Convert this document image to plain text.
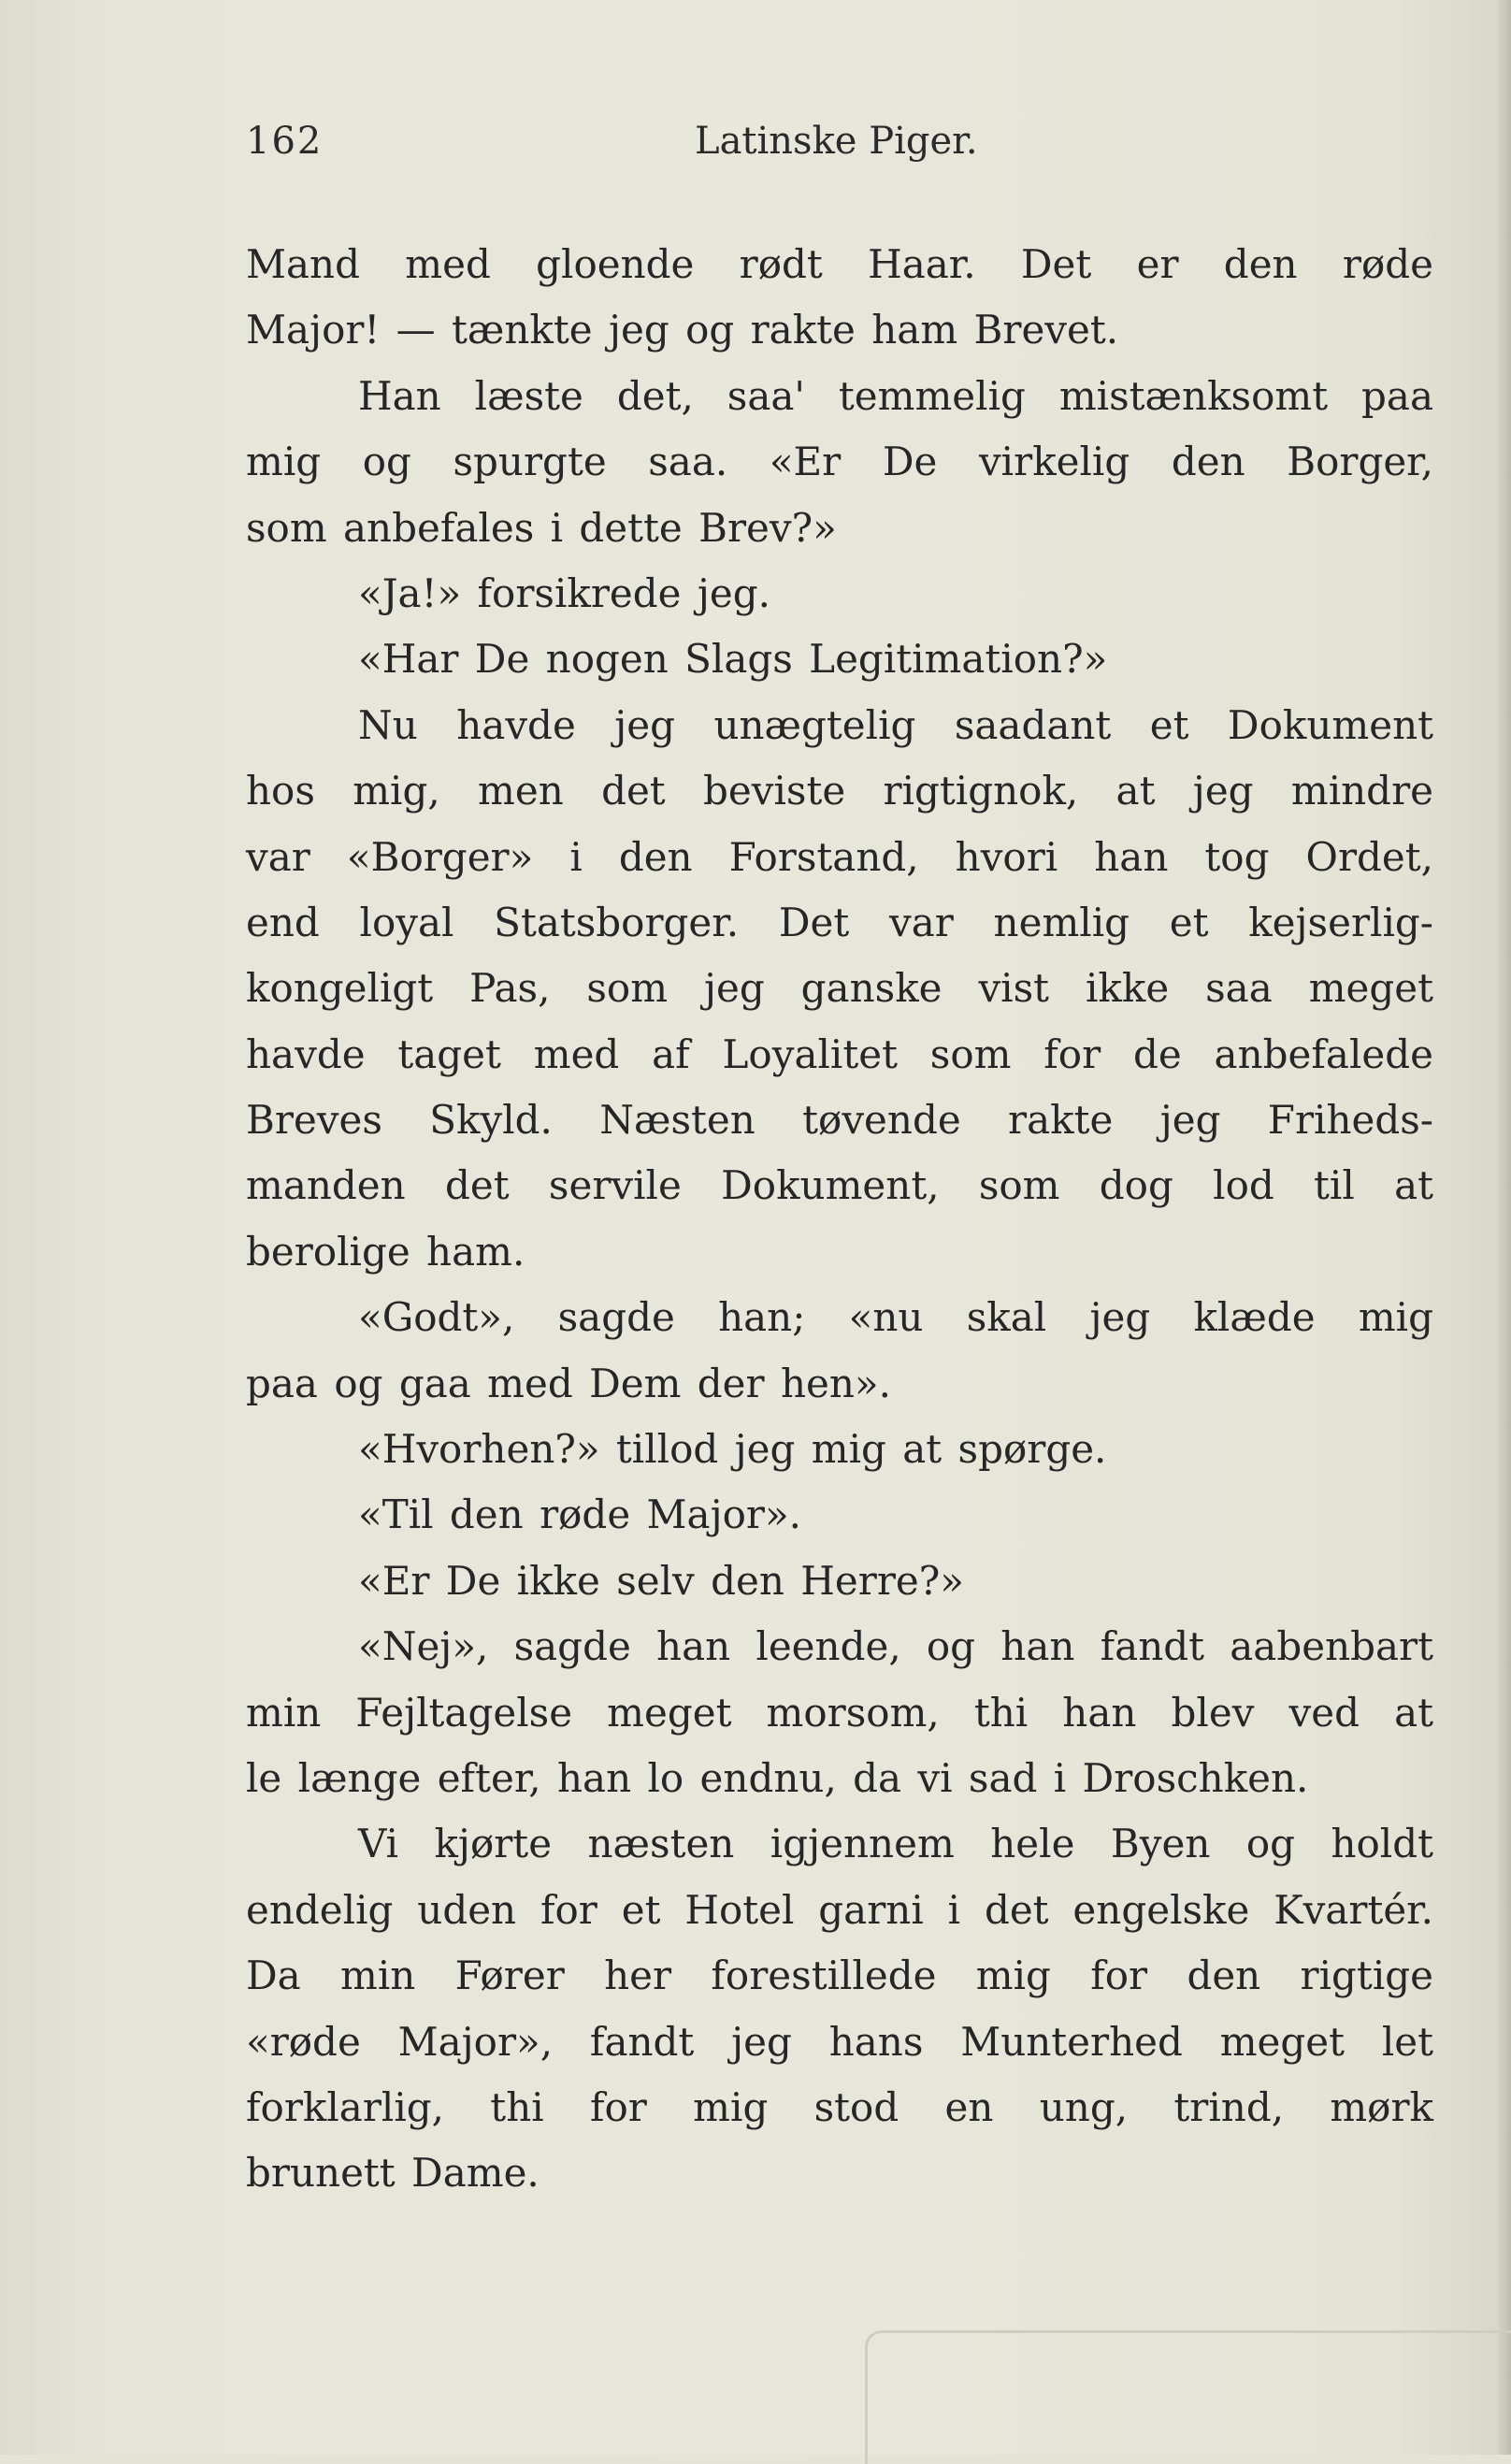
162	Latinske Piger.
Mand med gloende rødt Haar. Det er den røde
Major! — tænkte jeg og rakte ham Brevet.
Han læste det, saa' temmelig mistænksomt paa
mig og spurgte saa. «Er De virkelig den Borger,
som anbefales i dette Brev?»
«Ja!» forsikrede jeg.
«Har De nogen Slags Legitimation?»
Nu havde jeg unægtelig saadant et Dokument
hos mig, men det beviste rigtignok, at jeg mindre
var «Borger» i den Forstand, hvori han tog Ordet,
end loyal Statsborger. Det var nemlig et kejserlig-
kongeligt Pas, som jeg ganske vist ikke saa meget
havde taget med af Loyalitet som for de anbefalede
Breves Skyld. Næsten tøvende rakte jeg Friheds-
manden det servile Dokument, som dog lod til at
berolige ham.
«Godt», sagde han; «nu skal jeg klæde mig
paa og gaa med Dem der hen».
«Hvorhen?» tillod jeg mig at spørge.
«Til den røde Major».
«Er De ikke selv den Herre?»
«Nej», sagde han leende, og han fandt aabenbart
min Fejltagelse meget morsom, thi han blev ved at
le længe efter, han lo endnu, da vi sad i Droschken.
Vi kjørte næsten igjennem hele Byen og holdt
endelig uden for et Hotel garni i det engelske Kvartér.
Da min Fører her forestillede mig for den rigtige
«røde Major», fandt jeg hans Munterhed meget let
forklarlig, thi for mig stod en ung, trind, mørk
brunett Dame.
